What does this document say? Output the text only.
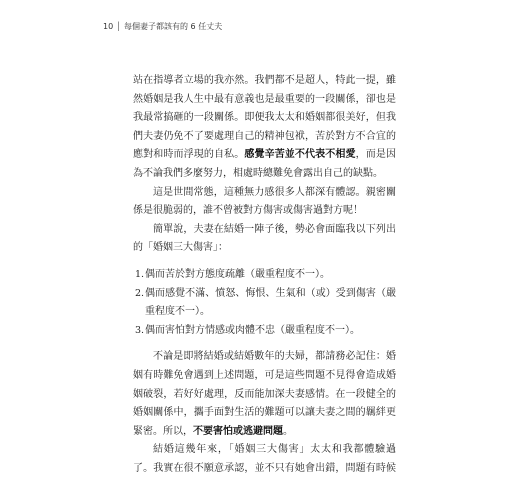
10 │ 每個妻子都該有的 6 任丈夫
站在指導者立場的我亦然。我們都不是超人，特此一提，雖
然婚姻是我人生中最有意義也是最重要的一段關係，卻也是
我最常搞砸的一段關係。即便我太太和婚姻都很美好，但我
們夫妻仍免不了要處理自己的精神包袱，苦於對方不合宜的
應對和時而浮現的自私。感覺辛苦並不代表不相愛，而是因
為不論我們多麼努力，相處時總難免會露出自己的缺點。
這是世間常態，這種無力感很多人都深有體認。親密關
係是很脆弱的，誰不曾被對方傷害或傷害過對方呢！
簡單說，夫妻在結婚一陣子後，勢必會面臨我以下列出
的「婚姻三大傷害」：
1. 偶而苦於對方態度疏離（嚴重程度不一）。
2. 偶而感覺不滿、憤怒、悔恨、生氣和（或）受到傷害（嚴
重程度不一）。
3. 偶而害怕對方情感或肉體不忠（嚴重程度不一）。
不論是即將結婚或結婚數年的夫婦，都請務必記住：婚
姻有時難免會遇到上述問題，可是這些問題不見得會造成婚
姻破裂，若好好處理，反而能加深夫妻感情。在一段健全的
婚姻關係中，攜手面對生活的難題可以讓夫妻之間的羈絆更
緊密。所以，不要害怕或逃避問題。
結婚這幾年來，「婚姻三大傷害」太太和我都體驗過
了。我實在很不願意承認，並不只有她會出錯，問題有時候
